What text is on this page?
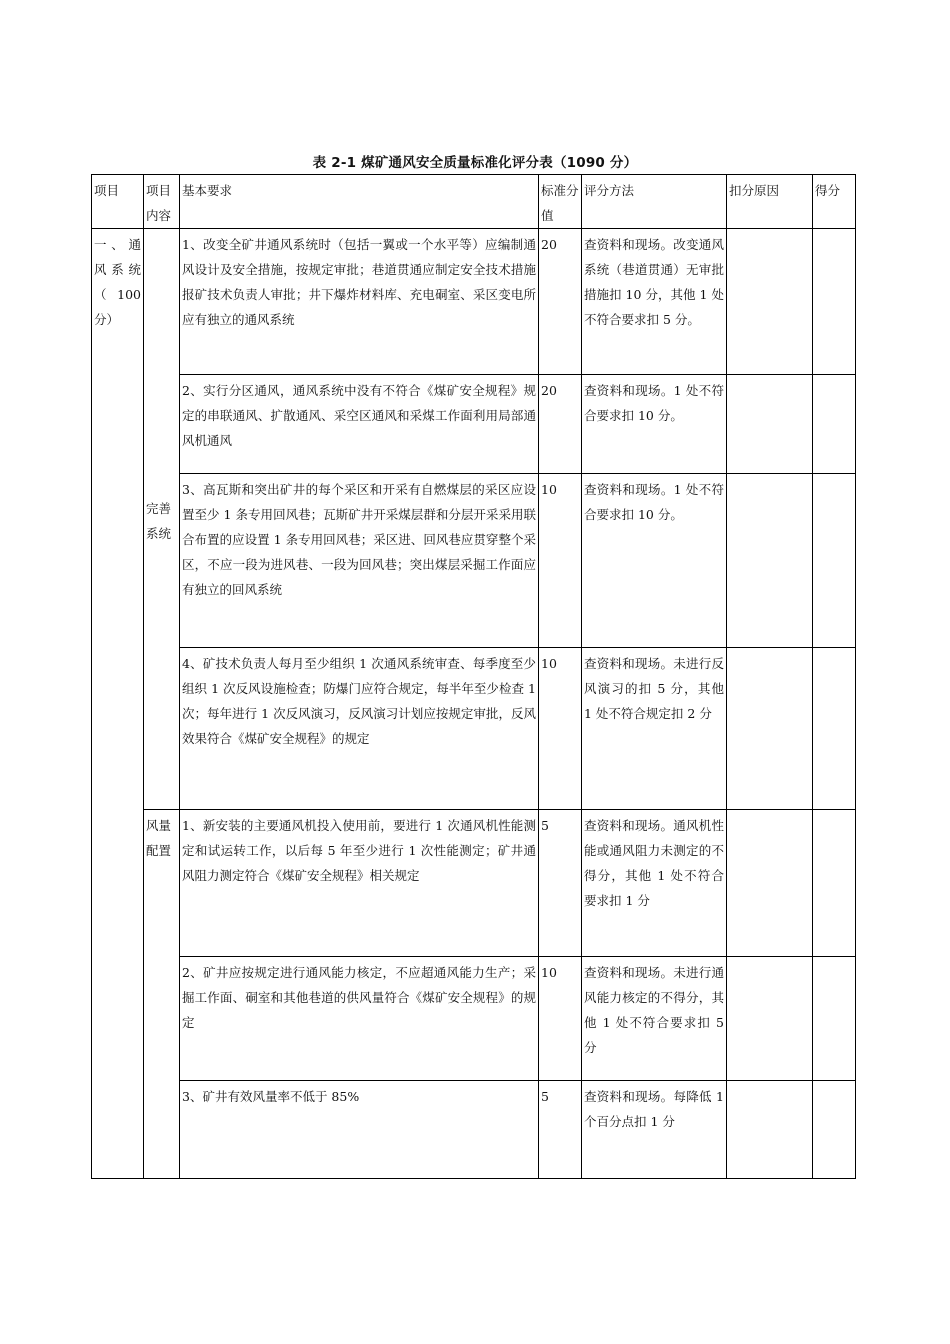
表 2-1 煤矿通风安全质量标准化评分表（1090 分）
项目	项目内容	基本要求	标准分值	评分方法	扣分原因	得分
一、通风系统（100分）	完善系统	1、改变全矿井通风系统时（包括一翼或一个水平等）应编制通风设计及安全措施，按规定审批；巷道贯通应制定安全技术措施报矿技术负责人审批；井下爆炸材料库、充电硐室、采区变电所应有独立的通风系统	20	查资料和现场。改变通风系统（巷道贯通）无审批措施扣 10 分，其他 1 处不符合要求扣 5 分。		
		2、实行分区通风，通风系统中没有不符合《煤矿安全规程》规定的串联通风、扩散通风、采空区通风和采煤工作面利用局部通风机通风	20	查资料和现场。1 处不符合要求扣 10 分。		
		3、高瓦斯和突出矿井的每个采区和开采有自燃煤层的采区应设置至少 1 条专用回风巷；瓦斯矿井开采煤层群和分层开采采用联合布置的应设置 1 条专用回风巷；采区进、回风巷应贯穿整个采区，不应一段为进风巷、一段为回风巷；突出煤层采掘工作面应有独立的回风系统	10	查资料和现场。1 处不符合要求扣 10 分。		
		4、矿技术负责人每月至少组织 1 次通风系统审查、每季度至少组织 1 次反风设施检查；防爆门应符合规定，每半年至少检查 1 次；每年进行 1 次反风演习，反风演习计划应按规定审批，反风效果符合《煤矿安全规程》的规定	10	查资料和现场。未进行反风演习的扣 5 分，其他 1 处不符合规定扣 2 分		
	风量配置	1、新安装的主要通风机投入使用前，要进行 1 次通风机性能测定和试运转工作，以后每 5 年至少进行 1 次性能测定；矿井通风阻力测定符合《煤矿安全规程》相关规定	5	查资料和现场。通风机性能或通风阻力未测定的不得分，其他 1 处不符合要求扣 1 分		
		2、矿井应按规定进行通风能力核定，不应超通风能力生产；采掘工作面、硐室和其他巷道的供风量符合《煤矿安全规程》的规定	10	查资料和现场。未进行通风能力核定的不得分，其他 1 处不符合要求扣 5 分		
		3、矿井有效风量率不低于 85%	5	查资料和现场。每降低 1 个百分点扣 1 分		
